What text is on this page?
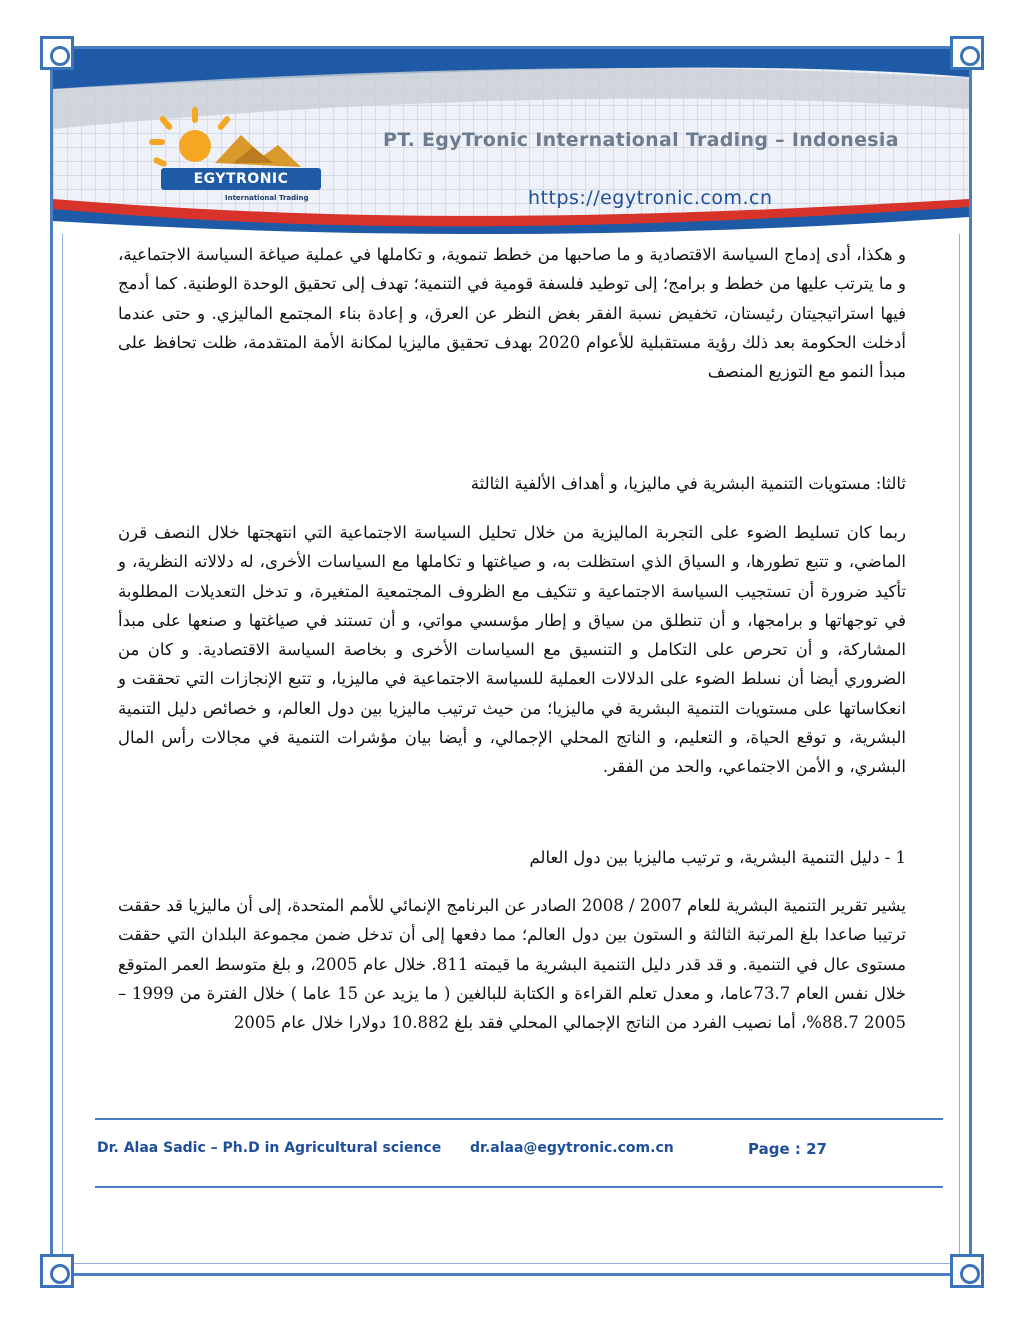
EGYTRONIC
International Trading
PT. EgyTronic International Trading – Indonesia
https://egytronic.com.cn

و هكذا، أدى إدماج السياسة الاقتصادية و ما صاحبها من خطط تنموية، و تكاملها في عملية صياغة السياسة الاجتماعية، و ما يترتب عليها من خطط و برامج؛ إلى توطيد فلسفة قومية في التنمية؛ تهدف إلى تحقيق الوحدة الوطنية. كما أدمج فيها استراتيجيتان رئيستان، تخفيض نسبة الفقر بغض النظر عن العرق، و إعادة بناء المجتمع الماليزي. و حتى عندما أدخلت الحكومة بعد ذلك رؤية مستقبلية للأعوام 2020 بهدف تحقيق ماليزيا لمكانة الأمة المتقدمة، ظلت تحافظ على مبدأ النمو مع التوزيع المنصف

ثالثا: مستويات التنمية البشرية في ماليزيا، و أهداف الألفية الثالثة

ربما كان تسليط الضوء على التجربة الماليزية من خلال تحليل السياسة الاجتماعية التي انتهجتها خلال النصف قرن الماضي، و تتبع تطورها، و السياق الذي استظلت به، و صياغتها و تكاملها مع السياسات الأخرى، له دلالاته النظرية، و تأكيد ضرورة أن تستجيب السياسة الاجتماعية و تتكيف مع الظروف المجتمعية المتغيرة، و تدخل التعديلات المطلوبة في توجهاتها و برامجها، و أن تنطلق من سياق و إطار مؤسسي مواتي، و أن تستند في صياغتها و صنعها على مبدأ المشاركة، و أن تحرص على التكامل و التنسيق مع السياسات الأخرى و بخاصة السياسة الاقتصادية. و كان من الضروري أيضا أن نسلط الضوء على الدلالات العملية للسياسة الاجتماعية في ماليزيا، و تتبع الإنجازات التي تحققت و انعكاساتها على مستويات التنمية البشرية في ماليزيا؛ من حيث ترتيب ماليزيا بين دول العالم، و خصائص دليل التنمية البشرية، و توقع الحياة، و التعليم، و الناتج المحلي الإجمالي، و أيضا بيان مؤشرات التنمية في مجالات رأس المال البشري، و الأمن الاجتماعي، والحد من الفقر.

1 - دليل التنمية البشرية، و ترتيب ماليزيا بين دول العالم

يشير تقرير التنمية البشرية للعام 2007 / 2008 الصادر عن البرنامج الإنمائي للأمم المتحدة، إلى أن ماليزيا قد حققت ترتيبا صاعدا بلغ المرتبة الثالثة و الستون بين دول العالم؛ مما دفعها إلى أن تدخل ضمن مجموعة البلدان التي حققت مستوى عال في التنمية. و قد قدر دليل التنمية البشرية ما قيمته 811. خلال عام 2005، و بلغ متوسط العمر المتوقع خلال نفس العام 73.7عاما، و معدل تعلم القراءة و الكتابة للبالغين ( ما يزيد عن 15 عاما ) خلال الفترة من 1999 – 2005 88.7%، أما نصيب الفرد من الناتج الإجمالي المحلي فقد بلغ 10.882 دولارا خلال عام 2005

Dr. Alaa Sadic – Ph.D in Agricultural science dr.alaa@egytronic.com.cn	Page : 27
